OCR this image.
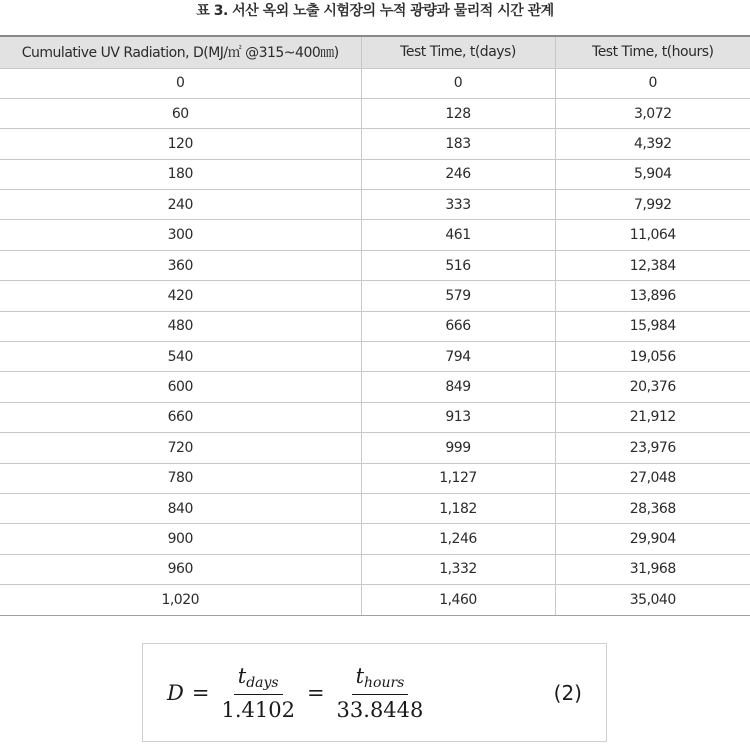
표 3. 서산 옥외 노출 시험장의 누적 광량과 물리적 시간 관계
Cumulative UV Radiation, D(MJ/㎡ @315~400㎚)	Test Time, t(days)	Test Time, t(hours)
0	0	0
60	128	3,072
120	183	4,392
180	246	5,904
240	333	7,992
300	461	11,064
360	516	12,384
420	579	13,896
480	666	15,984
540	794	19,056
600	849	20,376
660	913	21,912
720	999	23,976
780	1,127	27,048
840	1,182	28,368
900	1,246	29,904
960	1,332	31,968
1,020	1,460	35,040
$D = \frac{t_{days}}{1.4102} = \frac{t_{hours}}{33.8448}$	(2)
